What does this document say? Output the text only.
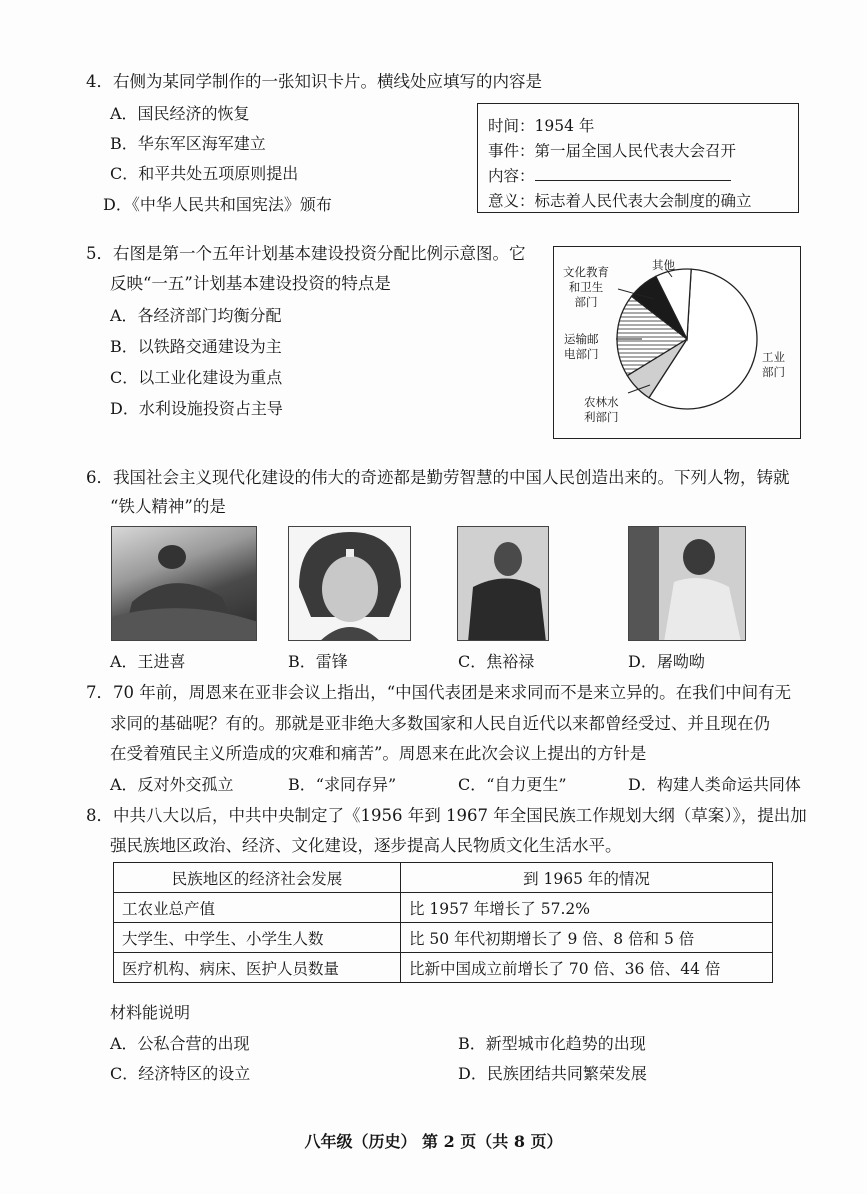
4．右侧为某同学制作的一张知识卡片。横线处应填写的内容是
A．国民经济的恢复
B．华东军区海军建立
C．和平共处五项原则提出
D．《中华人民共和国宪法》颁布
时间：1954 年
事件：第一届全国人民代表大会召开
内容：
意义：标志着人民代表大会制度的确立
5．右图是第一个五年计划基本建设投资分配比例示意图。它
反映“一五”计划基本建设投资的特点是
A．各经济部门均衡分配
B．以铁路交通建设为主
C．以工业化建设为重点
D．水利设施投资占主导
其他
文化教育
和卫生
部门
运输邮
电部门	工业
部门
农林水
利部门
6．我国社会主义现代化建设的伟大的奇迹都是勤劳智慧的中国人民创造出来的。下列人物，铸就
“铁人精神”的是
A．王进喜	B．雷锋	C．焦裕禄	D．屠呦呦
7．70 年前，周恩来在亚非会议上指出，“中国代表团是来求同而不是来立异的。在我们中间有无
求同的基础呢？有的。那就是亚非绝大多数国家和人民自近代以来都曾经受过、并且现在仍
在受着殖民主义所造成的灾难和痛苦”。周恩来在此次会议上提出的方针是
A．反对外交孤立	B．“求同存异”	C．“自力更生”	D．构建人类命运共同体
8．中共八大以后，中共中央制定了《1956 年到 1967 年全国民族工作规划大纲（草案）》，提出加
强民族地区政治、经济、文化建设，逐步提高人民物质文化生活水平。
民族地区的经济社会发展	到 1965 年的情况
工农业总产值	比 1957 年增长了 57.2%
大学生、中学生、小学生人数	比 50 年代初期增长了 9 倍、8 倍和 5 倍
医疗机构、病床、医护人员数量	比新中国成立前增长了 70 倍、36 倍、44 倍
材料能说明
A．公私合营的出现	B．新型城市化趋势的出现
C．经济特区的设立	D．民族团结共同繁荣发展
八年级（历史） 第 2 页（共 8 页）
